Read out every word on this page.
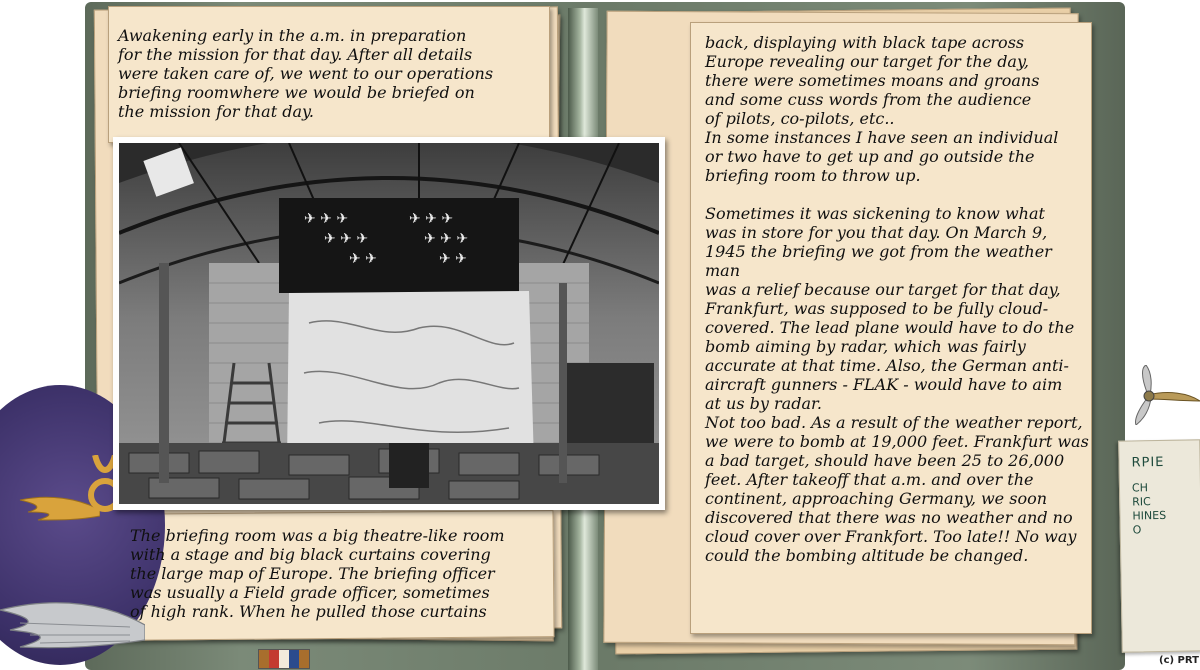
RPIE
CH
RIC
HINES
O
Awakening early in the a.m. in preparation
for the mission for that day. After all details
were taken care of, we went to our operations
briefing roomwhere we would be briefed on
the mission for that day.
The briefing room was a big theatre-like room
with a stage and big black curtains covering
the large map of Europe. The briefing officer
was usually a Field grade officer, sometimes
of high rank. When he pulled those curtains
back, displaying with black tape across
Europe revealing our target for the day,
there were sometimes moans and groans
and some cuss words from the audience
of pilots, co-pilots, etc..
In some instances I have seen an individual
or two have to get up and go outside the
briefing room to throw up.

Sometimes it was sickening to know what
was in store for you that day. On March 9,
1945 the briefing we got from the weather man
was a relief because our target for that day,
Frankfurt, was supposed to be fully cloud-
covered. The lead plane would have to do the
bomb aiming by radar, which was fairly
accurate at that time. Also, the German anti-
aircraft gunners - FLAK - would have to aim
at us by radar.
Not too bad. As a result of the weather report,
we were to bomb at 19,000 feet. Frankfurt was
a bad target, should have been 25 to 26,000
feet. After takeoff that a.m. and over the
continent, approaching Germany, we soon
discovered that there was no weather and no
cloud cover over Frankfort. Too late!! No way
could the bombing altitude be changed.
✈ ✈ ✈
✈ ✈ ✈
✈ ✈
✈ ✈ ✈
✈ ✈ ✈
✈ ✈
(c) PRT
